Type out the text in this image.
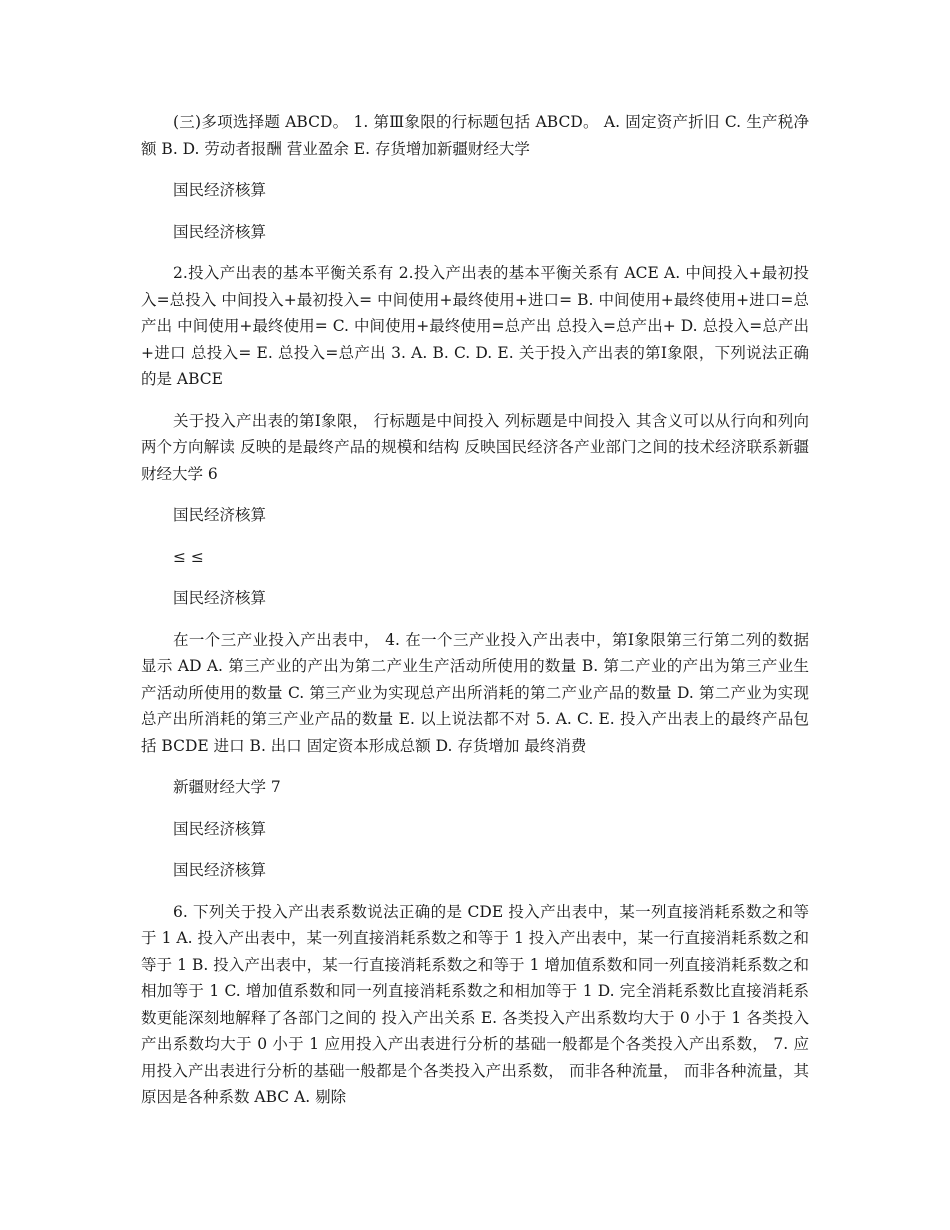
(三)多项选择题 ABCD。 1. 第Ⅲ象限的行标题包括 ABCD。 A. 固定资产折旧 C. 生产税净额 B. D. 劳动者报酬 营业盈余 E. 存货增加新疆财经大学

国民经济核算

国民经济核算

2.投入产出表的基本平衡关系有 2.投入产出表的基本平衡关系有 ACE A. 中间投入+最初投入=总投入 中间投入+最初投入= 中间使用+最终使用+进口= B. 中间使用+最终使用+进口=总产出 中间使用+最终使用= C. 中间使用+最终使用=总产出 总投入=总产出+ D. 总投入=总产出+进口 总投入= E. 总投入=总产出 3. A. B. C. D. E. 关于投入产出表的第Ⅰ象限，下列说法正确的是 ABCE

关于投入产出表的第Ⅰ象限， 行标题是中间投入 列标题是中间投入 其含义可以从行向和列向两个方向解读 反映的是最终产品的规模和结构 反映国民经济各产业部门之间的技术经济联系新疆财经大学 6

国民经济核算

≤ ≤

国民经济核算

在一个三产业投入产出表中， 4. 在一个三产业投入产出表中，第Ⅰ象限第三行第二列的数据 显示 AD A. 第三产业的产出为第二产业生产活动所使用的数量 B. 第二产业的产出为第三产业生产活动所使用的数量 C. 第三产业为实现总产出所消耗的第二产业产品的数量 D. 第二产业为实现总产出所消耗的第三产业产品的数量 E. 以上说法都不对 5. A. C. E. 投入产出表上的最终产品包括 BCDE 进口 B. 出口 固定资本形成总额 D. 存货增加 最终消费

新疆财经大学 7

国民经济核算

国民经济核算

6. 下列关于投入产出表系数说法正确的是 CDE 投入产出表中，某一列直接消耗系数之和等于 1 A. 投入产出表中，某一列直接消耗系数之和等于 1 投入产出表中，某一行直接消耗系数之和等于 1 B. 投入产出表中，某一行直接消耗系数之和等于 1 增加值系数和同一列直接消耗系数之和相加等于 1 C. 增加值系数和同一列直接消耗系数之和相加等于 1 D. 完全消耗系数比直接消耗系数更能深刻地解释了各部门之间的 投入产出关系 E. 各类投入产出系数均大于 0 小于 1 各类投入产出系数均大于 0 小于 1 应用投入产出表进行分析的基础一般都是个各类投入产出系数， 7. 应用投入产出表进行分析的基础一般都是个各类投入产出系数， 而非各种流量， 而非各种流量，其原因是各种系数 ABC A. 剔除
